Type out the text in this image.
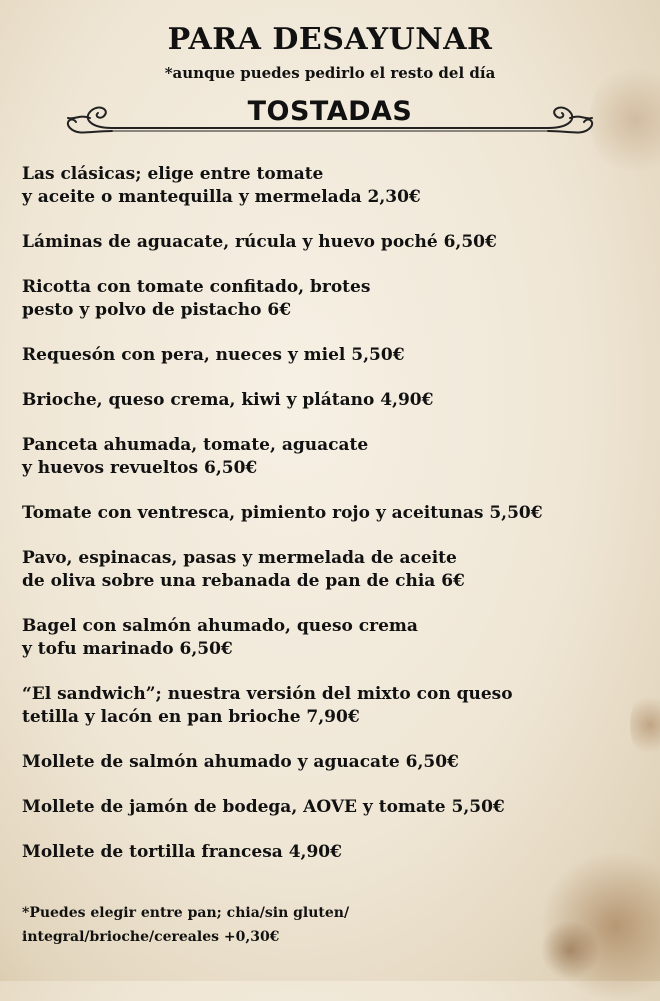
PARA DESAYUNAR
*aunque puedes pedirlo el resto del día
TOSTADAS
Las clásicas; elige entre tomate
y aceite o mantequilla y mermelada 2,30€
Láminas de aguacate, rúcula y huevo poché 6,50€
Ricotta con tomate confitado, brotes
pesto y polvo de pistacho 6€
Requesón con pera, nueces y miel 5,50€
Brioche, queso crema, kiwi y plátano 4,90€
Panceta ahumada, tomate, aguacate
y huevos revueltos 6,50€
Tomate con ventresca, pimiento rojo y aceitunas 5,50€
Pavo, espinacas, pasas y mermelada de aceite
de oliva sobre una rebanada de pan de chia 6€
Bagel con salmón ahumado, queso crema
y tofu marinado 6,50€
“El sandwich”; nuestra versión del mixto con queso
tetilla y lacón en pan brioche 7,90€
Mollete de salmón ahumado y aguacate 6,50€
Mollete de jamón de bodega, AOVE y tomate 5,50€
Mollete de tortilla francesa 4,90€
*Puedes elegir entre pan; chia/sin gluten/
integral/brioche/cereales +0,30€
